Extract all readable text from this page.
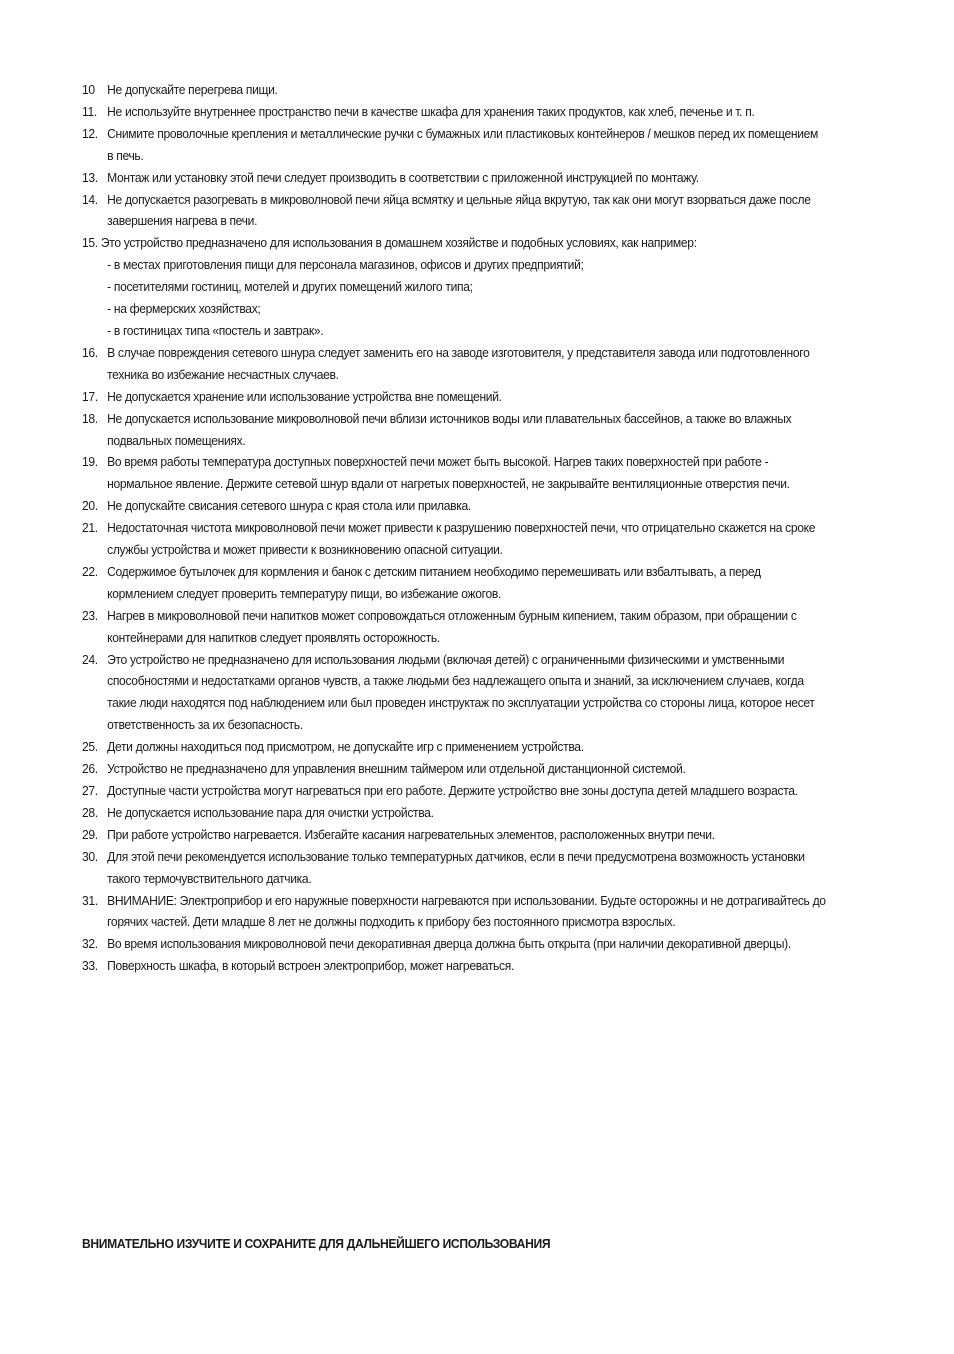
10 Не допускайте перегрева пищи.
11. Не используйте внутреннее пространство печи в качестве шкафа для хранения таких продуктов, как хлеб, печенье и т. п.
12. Снимите проволочные крепления и металлические ручки с бумажных или пластиковых контейнеров / мешков перед их помещением в печь.
13. Монтаж или установку этой печи следует производить в соответствии с приложенной инструкцией по монтажу.
14. Не допускается разогревать в микроволновой печи яйца всмятку и цельные яйца вкрутую, так как они могут взорваться даже после завершения нагрева в печи.
15. Это устройство предназначено для использования в домашнем хозяйстве и подобных условиях, как например:
- в местах приготовления пищи для персонала магазинов, офисов и других предприятий;
- посетителями гостиниц, мотелей и других помещений жилого типа;
- на фермерских хозяйствах;
- в гостиницах типа «постель и завтрак».
16. В случае повреждения сетевого шнура следует заменить его на заводе изготовителя, у представителя завода или подготовленного техника во избежание несчастных случаев.
17. Не допускается хранение или использование устройства вне помещений.
18. Не допускается использование микроволновой печи вблизи источников воды или плавательных бассейнов, а также во влажных подвальных помещениях.
19. Во время работы температура доступных поверхностей печи может быть высокой. Нагрев таких поверхностей при работе - нормальное явление. Держите сетевой шнур вдали от нагретых поверхностей, не закрывайте вентиляционные отверстия печи.
20. Не допускайте свисания сетевого шнура с края стола или прилавка.
21. Недостаточная чистота микроволновой печи может привести к разрушению поверхностей печи, что отрицательно скажется на сроке службы устройства и может привести к возникновению опасной ситуации.
22. Содержимое бутылочек для кормления и банок с детским питанием необходимо перемешивать или взбалтывать, а перед кормлением следует проверить температуру пищи, во избежание ожогов.
23. Нагрев в микроволновой печи напитков может сопровождаться отложенным бурным кипением, таким образом, при обращении с контейнерами для напитков следует проявлять осторожность.
24. Это устройство не предназначено для использования людьми (включая детей) с ограниченными физическими и умственными способностями и недостатками органов чувств, а также людьми без надлежащего опыта и знаний, за исключением случаев, когда такие люди находятся под наблюдением или был проведен инструктаж по эксплуатации устройства со стороны лица, которое несет ответственность за их безопасность.
25. Дети должны находиться под присмотром, не допускайте игр с применением устройства.
26. Устройство не предназначено для управления внешним таймером или отдельной дистанционной системой.
27. Доступные части устройства могут нагреваться при его работе. Держите устройство вне зоны доступа детей младшего возраста.
28. Не допускается использование пара для очистки устройства.
29. При работе устройство нагревается. Избегайте касания нагревательных элементов, расположенных внутри печи.
30. Для этой печи рекомендуется использование только температурных датчиков, если в печи предусмотрена возможность установки такого термочувствительного датчика.
31. ВНИМАНИЕ: Электроприбор и его наружные поверхности нагреваются при использовании. Будьте осторожны и не дотрагивайтесь до горячих частей. Дети младше 8 лет не должны подходить к прибору без постоянного присмотра взрослых.
32. Во время использования микроволновой печи декоративная дверца должна быть открыта (при наличии декоративной дверцы).
33. Поверхность шкафа, в который встроен электроприбор, может нагреваться.
ВНИМАТЕЛЬНО ИЗУЧИТЕ И СОХРАНИТЕ ДЛЯ ДАЛЬНЕЙШЕГО ИСПОЛЬЗОВАНИЯ
